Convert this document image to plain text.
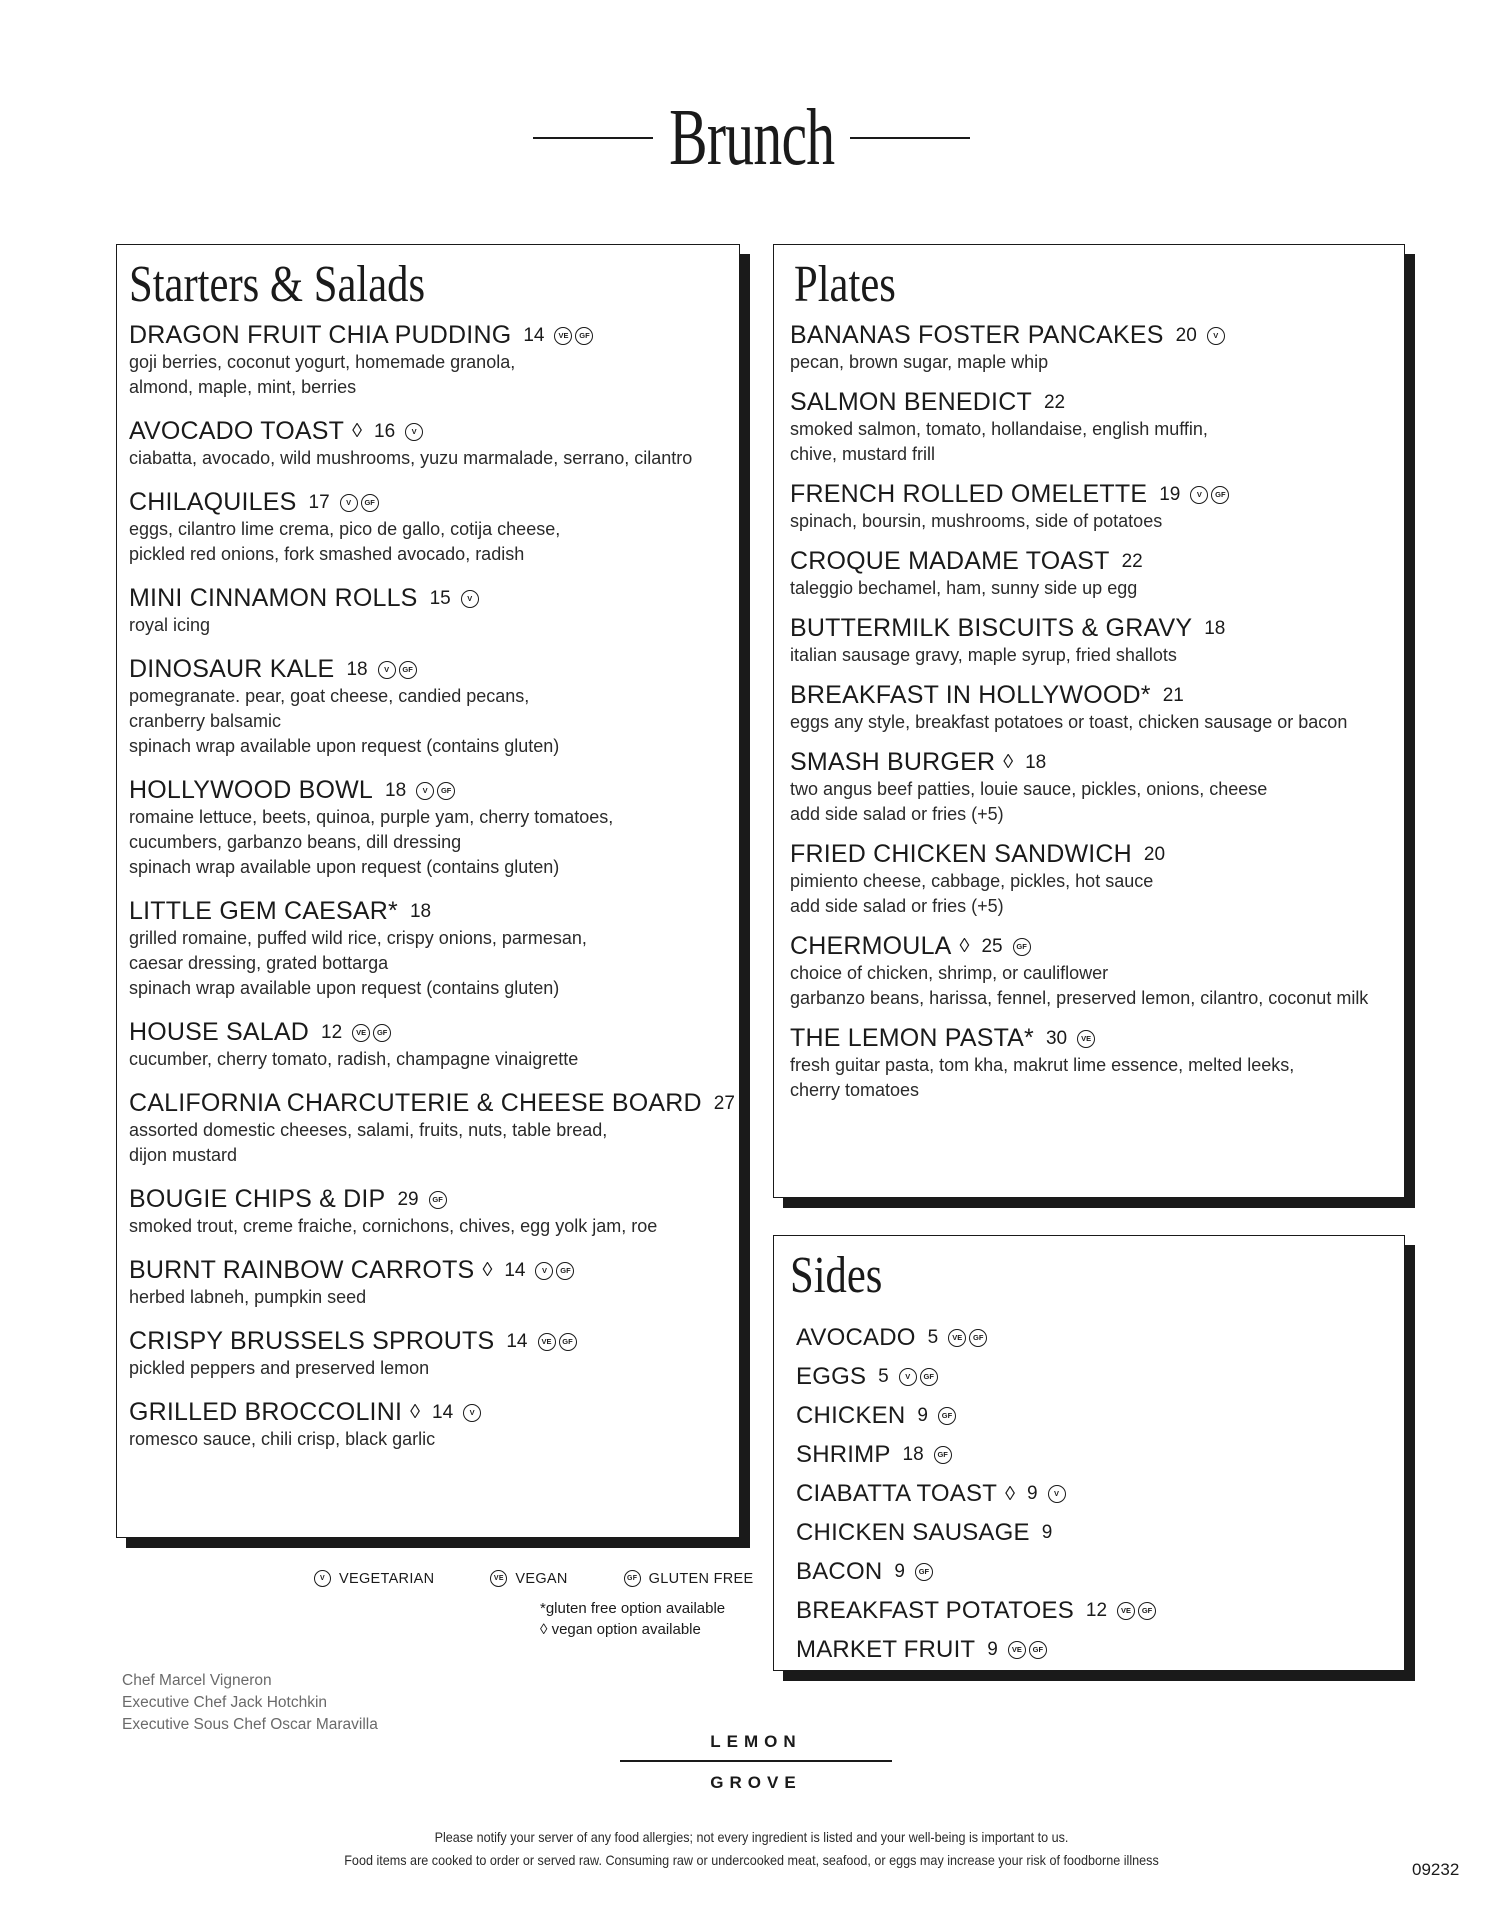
Brunch
Starters & Salads
DRAGON FRUIT CHIA PUDDING 14	VE	GF
goji berries, coconut yogurt, homemade granola,
almond, maple, mint, berries
AVOCADO TOAST ◊ 16	V
ciabatta, avocado, wild mushrooms, yuzu marmalade, serrano, cilantro
CHILAQUILES 17	V	GF
eggs, cilantro lime crema, pico de gallo, cotija cheese,
pickled red onions, fork smashed avocado, radish
MINI CINNAMON ROLLS 15	V
royal icing
DINOSAUR KALE 18	V	GF
pomegranate. pear, goat cheese, candied pecans,
cranberry balsamic
spinach wrap available upon request (contains gluten)
HOLLYWOOD BOWL 18	V	GF
romaine lettuce, beets, quinoa, purple yam, cherry tomatoes,
cucumbers, garbanzo beans, dill dressing
spinach wrap available upon request (contains gluten)
LITTLE GEM CAESAR* 18
grilled romaine, puffed wild rice, crispy onions, parmesan,
caesar dressing, grated bottarga
spinach wrap available upon request (contains gluten)
HOUSE SALAD 12	VE	GF
cucumber, cherry tomato, radish, champagne vinaigrette
CALIFORNIA CHARCUTERIE & CHEESE BOARD 27
assorted domestic cheeses, salami, fruits, nuts, table bread,
dijon mustard
BOUGIE CHIPS & DIP 29	GF
smoked trout, creme fraiche, cornichons, chives, egg yolk jam, roe
BURNT RAINBOW CARROTS ◊ 14	V	GF
herbed labneh, pumpkin seed
CRISPY BRUSSELS SPROUTS 14	VE	GF
pickled peppers and preserved lemon
GRILLED BROCCOLINI ◊ 14	V
romesco sauce, chili crisp, black garlic
Plates
BANANAS FOSTER PANCAKES 20	V
pecan, brown sugar, maple whip
SALMON BENEDICT 22
smoked salmon, tomato, hollandaise, english muffin,
chive, mustard frill
FRENCH ROLLED OMELETTE 19	V	GF
spinach, boursin, mushrooms, side of potatoes
CROQUE MADAME TOAST 22
taleggio bechamel, ham, sunny side up egg
BUTTERMILK BISCUITS & GRAVY 18
italian sausage gravy, maple syrup, fried shallots
BREAKFAST IN HOLLYWOOD* 21
eggs any style, breakfast potatoes or toast, chicken sausage or bacon
SMASH BURGER ◊ 18
two angus beef patties, louie sauce, pickles, onions, cheese
add side salad or fries (+5)
FRIED CHICKEN SANDWICH 20
pimiento cheese, cabbage, pickles, hot sauce
add side salad or fries (+5)
CHERMOULA ◊ 25	GF
choice of chicken, shrimp, or cauliflower
garbanzo beans, harissa, fennel, preserved lemon, cilantro, coconut milk
THE LEMON PASTA* 30	VE
fresh guitar pasta, tom kha, makrut lime essence, melted leeks,
cherry tomatoes
Sides
AVOCADO 5	VE	GF
EGGS 5	V	GF
CHICKEN 9	GF
SHRIMP 18	GF
CIABATTA TOAST ◊ 9	V
CHICKEN SAUSAGE 9
BACON 9	GF
BREAKFAST POTATOES 12	VE	GF
MARKET FRUIT 9	VE	GF
V VEGETARIAN	VE VEGAN	GF GLUTEN FREE
*gluten free option available
◊ vegan option available
Chef Marcel Vigneron
Executive Chef Jack Hotchkin
Executive Sous Chef Oscar Maravilla
LEMON
GROVE
Please notify your server of any food allergies; not every ingredient is listed and your well-being is important to us.
Food items are cooked to order or served raw. Consuming raw or undercooked meat, seafood, or eggs may increase your risk of foodborne illness	09232
